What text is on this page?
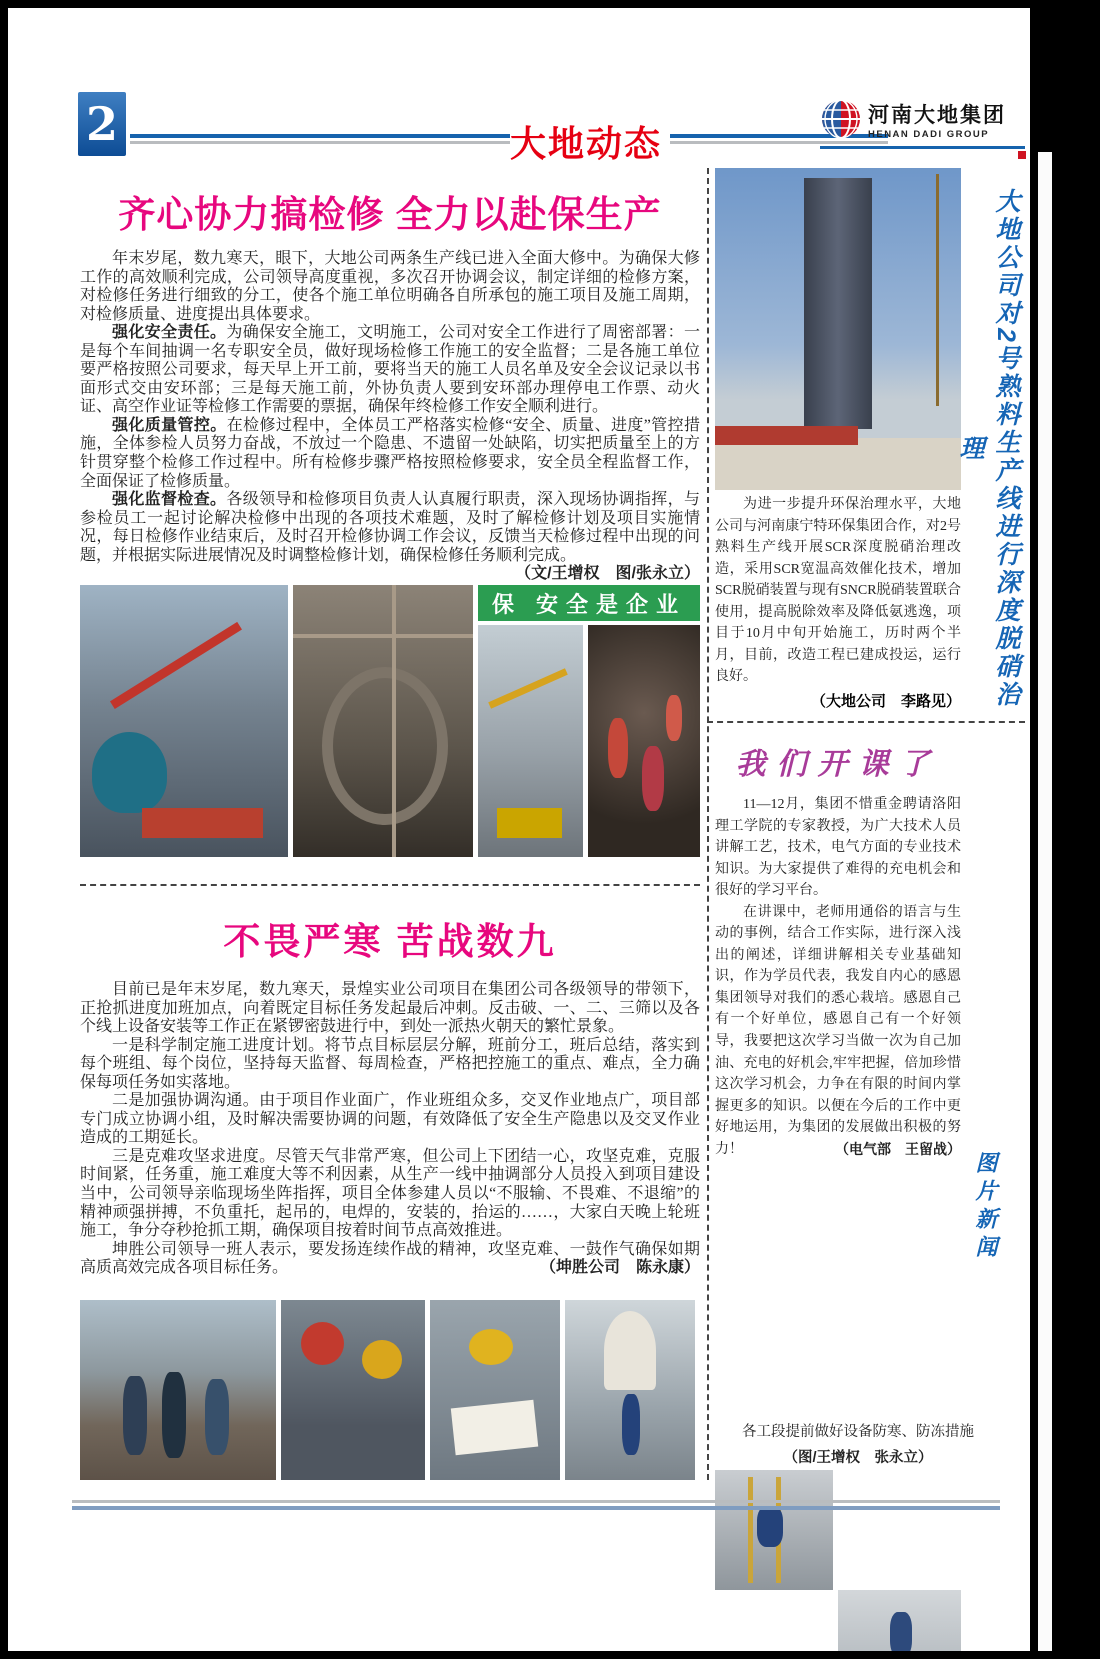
2	大地动态
河南大地集团
HENAN DADI GROUP
齐心协力搞检修 全力以赴保生产

年末岁尾，数九寒天，眼下，大地公司两条生产线已进入全面大修中。为确保大修工作的高效顺利完成，公司领导高度重视，多次召开协调会议，制定详细的检修方案，对检修任务进行细致的分工，使各个施工单位明确各自所承包的施工项目及施工周期，对检修质量、进度提出具体要求。

强化安全责任。为确保安全施工，文明施工，公司对安全工作进行了周密部署：一是每个车间抽调一名专职安全员，做好现场检修工作施工的安全监督；二是各施工单位要严格按照公司要求，每天早上开工前，要将当天的施工人员名单及安全会议记录以书面形式交由安环部；三是每天施工前，外协负责人要到安环部办理停电工作票、动火证、高空作业证等检修工作需要的票据，确保年终检修工作安全顺利进行。

强化质量管控。在检修过程中，全体员工严格落实检修“安全、质量、进度”管控措施，全体参检人员努力奋战，不放过一个隐患、不遗留一处缺陷，切实把质量至上的方针贯穿整个检修工作过程中。所有检修步骤严格按照检修要求，安全员全程监督工作，全面保证了检修质量。

强化监督检查。各级领导和检修项目负责人认真履行职责，深入现场协调指挥，与参检员工一起讨论解决检修中出现的各项技术难题，及时了解检修计划及项目实施情况，每日检修作业结束后，及时召开检修协调工作会议，反馈当天检修过程中出现的问题，并根据实际进展情况及时调整检修计划，确保检修任务顺利完成。
（文/王增权　图/张永立）

保 安全是企业
不畏严寒 苦战数九

目前已是年末岁尾，数九寒天，景煌实业公司项目在集团公司各级领导的带领下，正抢抓进度加班加点，向着既定目标任务发起最后冲刺。反击破、一、二、三筛以及各个线上设备安装等工作正在紧锣密鼓进行中，到处一派热火朝天的繁忙景象。

一是科学制定施工进度计划。将节点目标层层分解，班前分工，班后总结，落实到每个班组、每个岗位，坚持每天监督、每周检查，严格把控施工的重点、难点，全力确保每项任务如实落地。

二是加强协调沟通。由于项目作业面广，作业班组众多，交叉作业地点广，项目部专门成立协调小组，及时解决需要协调的问题，有效降低了安全生产隐患以及交叉作业造成的工期延长。

三是克难攻坚求进度。尽管天气非常严寒，但公司上下团结一心，攻坚克难，克服时间紧，任务重，施工难度大等不利因素，从生产一线中抽调部分人员投入到项目建设当中，公司领导亲临现场坐阵指挥，项目全体参建人员以“不服输、不畏难、不退缩”的精神顽强拼搏，不负重托，起吊的，电焊的，安装的，抬运的……，大家白天晚上轮班施工，争分夺秒抢抓工期，确保项目按着时间节点高效推进。

坤胜公司领导一班人表示，要发扬连续作战的精神，攻坚克难、一鼓作气确保如期高质高效完成各项目标任务。	（坤胜公司　陈永康）

为进一步提升环保治理水平，大地公司与河南康宁特环保集团合作，对2号熟料生产线开展SCR深度脱硝治理改造，采用SCR宽温高效催化技术，增加SCR脱硝装置与现有SNCR脱硝装置联合使用，提高脱除效率及降低氨逃逸，项目于10月中旬开始施工，历时两个半月，目前，改造工程已建成投运，运行良好。

（大地公司　李路见）	大地公司对2号熟料生产线进行深度脱硝治理
我们开课了

11—12月，集团不惜重金聘请洛阳理工学院的专家教授，为广大技术人员讲解工艺，技术，电气方面的专业技术知识。为大家提供了难得的充电机会和很好的学习平台。

在讲课中，老师用通俗的语言与生动的事例，结合工作实际，进行深入浅出的阐述，详细讲解相关专业基础知识，作为学员代表，我发自内心的感恩集团领导对我们的悉心栽培。感恩自己有一个好单位，感恩自己有一个好领导，我要把这次学习当做一次为自己加油、充电的好机会,牢牢把握，倍加珍惜这次学习机会，力争在有限的时间内掌握更多的知识。以便在今后的工作中更好地运用，为集团的发展做出积极的努力！	（电气部　王留战）

图片新闻
各工段提前做好设备防寒、防冻措施
（图/王增权　张永立）
